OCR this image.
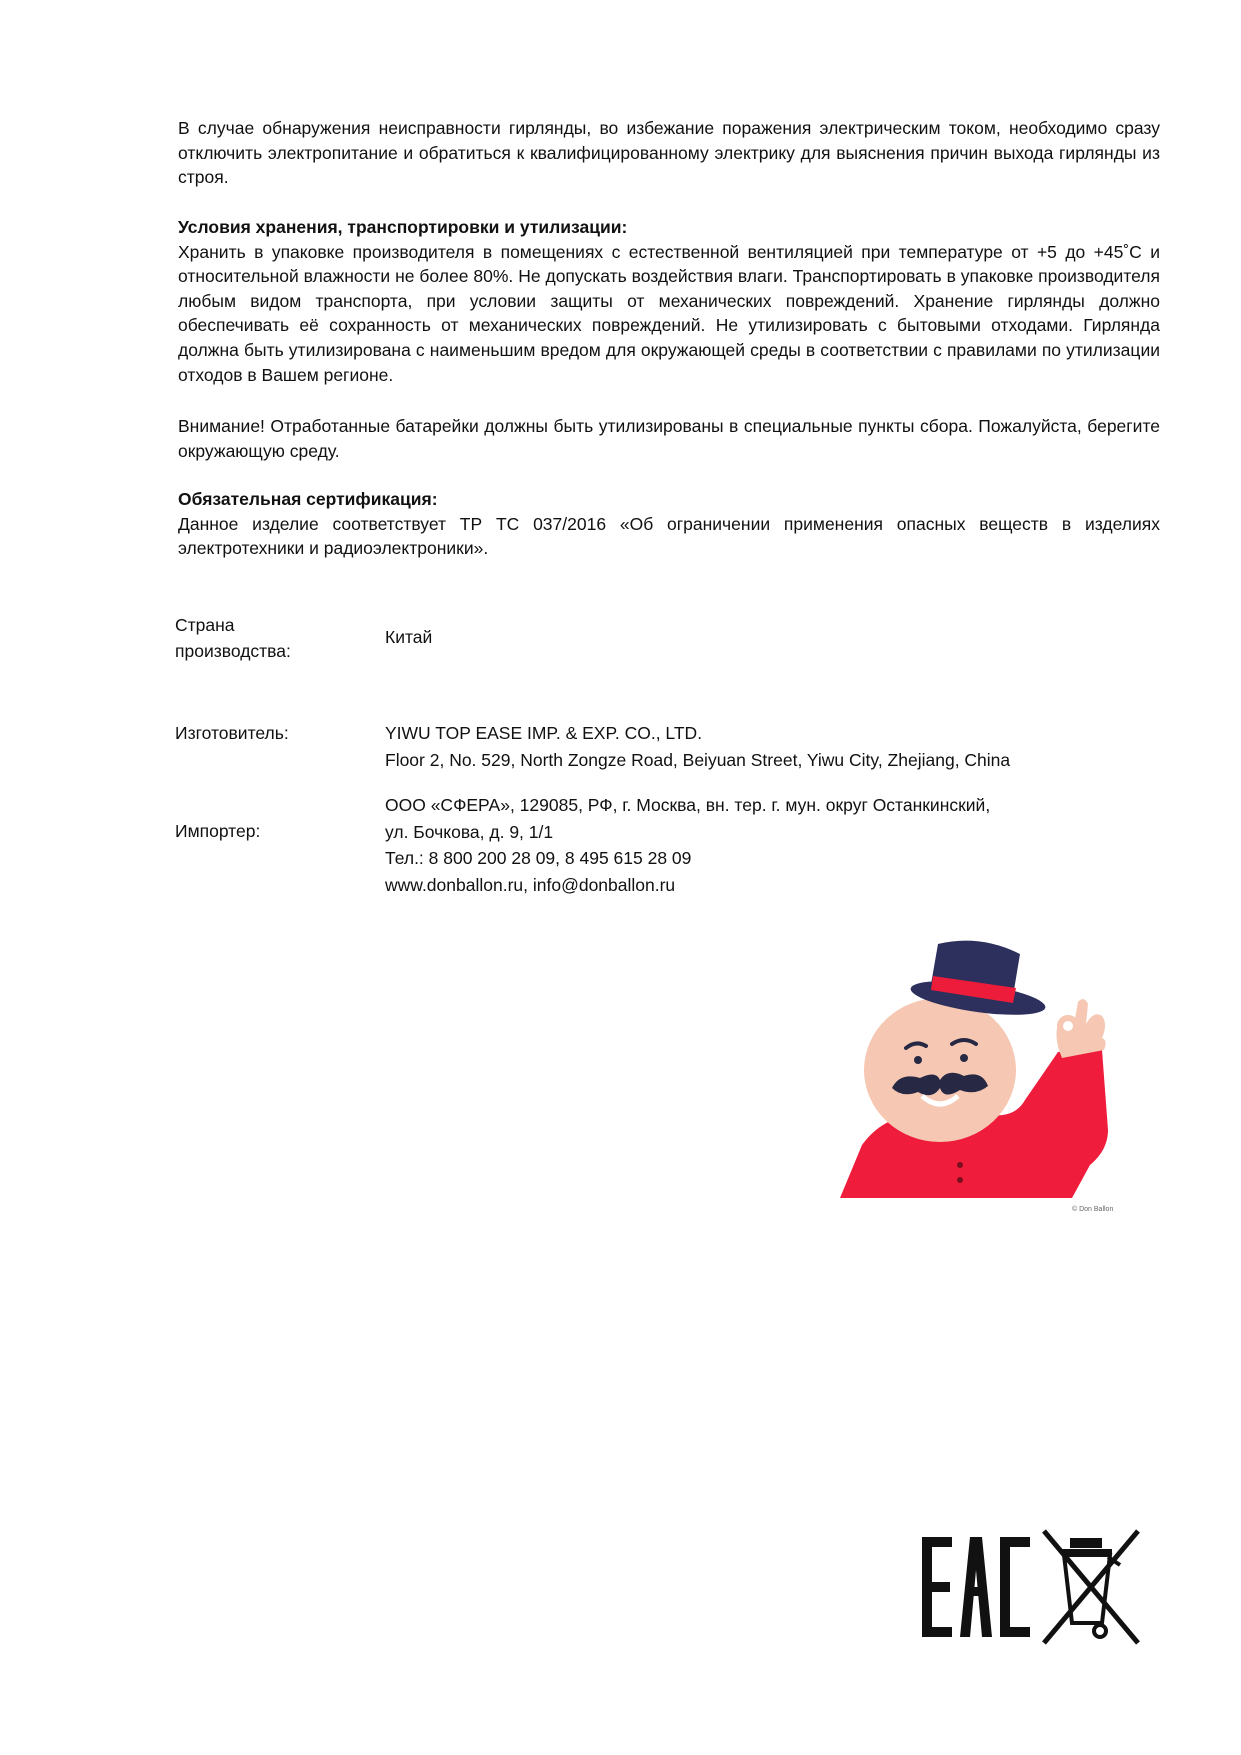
В случае обнаружения неисправности гирлянды, во избежание поражения электрическим током, необходимо сразу отключить электропитание и обратиться к квалифицированному электрику для выяснения причин выхода гирлянды из строя.

Условия хранения, транспортировки и утилизации:

Хранить в упаковке производителя в помещениях с естественной вентиляцией при температуре от +5 до +45˚С и относительной влажности не более 80%. Не допускать воздействия влаги. Транспортировать в упаковке производителя любым видом транспорта, при условии защиты от механических повреждений. Хранение гирлянды должно обеспечивать её сохранность от механических повреждений. Не утилизировать с бытовыми отходами. Гирлянда должна быть утилизирована с наименьшим вредом для окружающей среды в соответствии с правилами по утилизации отходов в Вашем регионе.

Внимание! Отработанные батарейки должны быть утилизированы в специальные пункты сбора. Пожалуйста, берегите окружающую среду.

Обязательная сертификация:

Данное изделие соответствует ТР ТС 037/2016 «Об ограничении применения опасных веществ в изделиях электротехники и радиоэлектроники».

Страна
производства:
Китай
Изготовитель:	YIWU TOP EASE IMP. & EXP. CO., LTD.
Floor 2, No. 529, North Zongze Road, Beiyuan Street, Yiwu City, Zhejiang, China
Импортер:
ООО «СФЕРА», 129085, РФ, г. Москва, вн. тер. г. мун. округ Останкинский,
ул. Бочкова, д. 9, 1/1
Тел.: 8 800 200 28 09, 8 495 615 28 09
www.donballon.ru, info@donballon.ru
© Don Ballon
